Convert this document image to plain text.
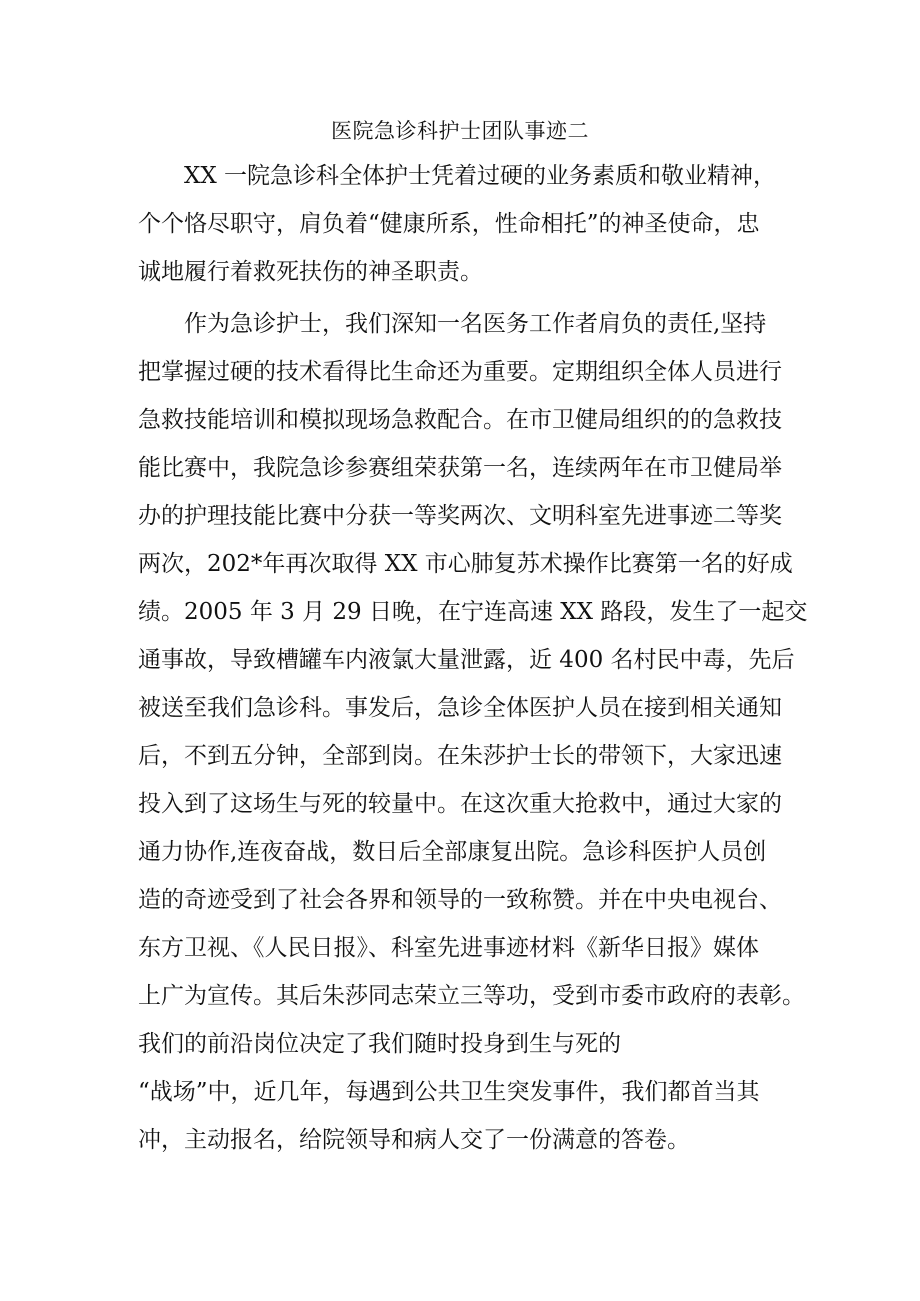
医院急诊科护士团队事迹二
XX 一院急诊科全体护士凭着过硬的业务素质和敬业精神，
个个恪尽职守，肩负着“健康所系，性命相托”的神圣使命，忠
诚地履行着救死扶伤的神圣职责。
作为急诊护士，我们深知一名医务工作者肩负的责任,坚持
把掌握过硬的技术看得比生命还为重要。定期组织全体人员进行
急救技能培训和模拟现场急救配合。在市卫健局组织的的急救技
能比赛中，我院急诊参赛组荣获第一名，连续两年在市卫健局举
办的护理技能比赛中分获一等奖两次、文明科室先进事迹二等奖
两次，202*年再次取得 XX 市心肺复苏术操作比赛第一名的好成
绩。2005 年 3 月 29 日晚，在宁连高速 XX 路段，发生了一起交
通事故，导致槽罐车内液氯大量泄露，近 400 名村民中毒，先后
被送至我们急诊科。事发后，急诊全体医护人员在接到相关通知
后，不到五分钟，全部到岗。在朱莎护士长的带领下，大家迅速
投入到了这场生与死的较量中。在这次重大抢救中，通过大家的
通力协作,连夜奋战，数日后全部康复出院。急诊科医护人员创
造的奇迹受到了社会各界和领导的一致称赞。并在中央电视台、
东方卫视、《人民日报》、科室先进事迹材料《新华日报》媒体
上广为宣传。其后朱莎同志荣立三等功，受到市委市政府的表彰。
我们的前沿岗位决定了我们随时投身到生与死的
“战场”中，近几年，每遇到公共卫生突发事件，我们都首当其
冲，主动报名，给院领导和病人交了一份满意的答卷。
